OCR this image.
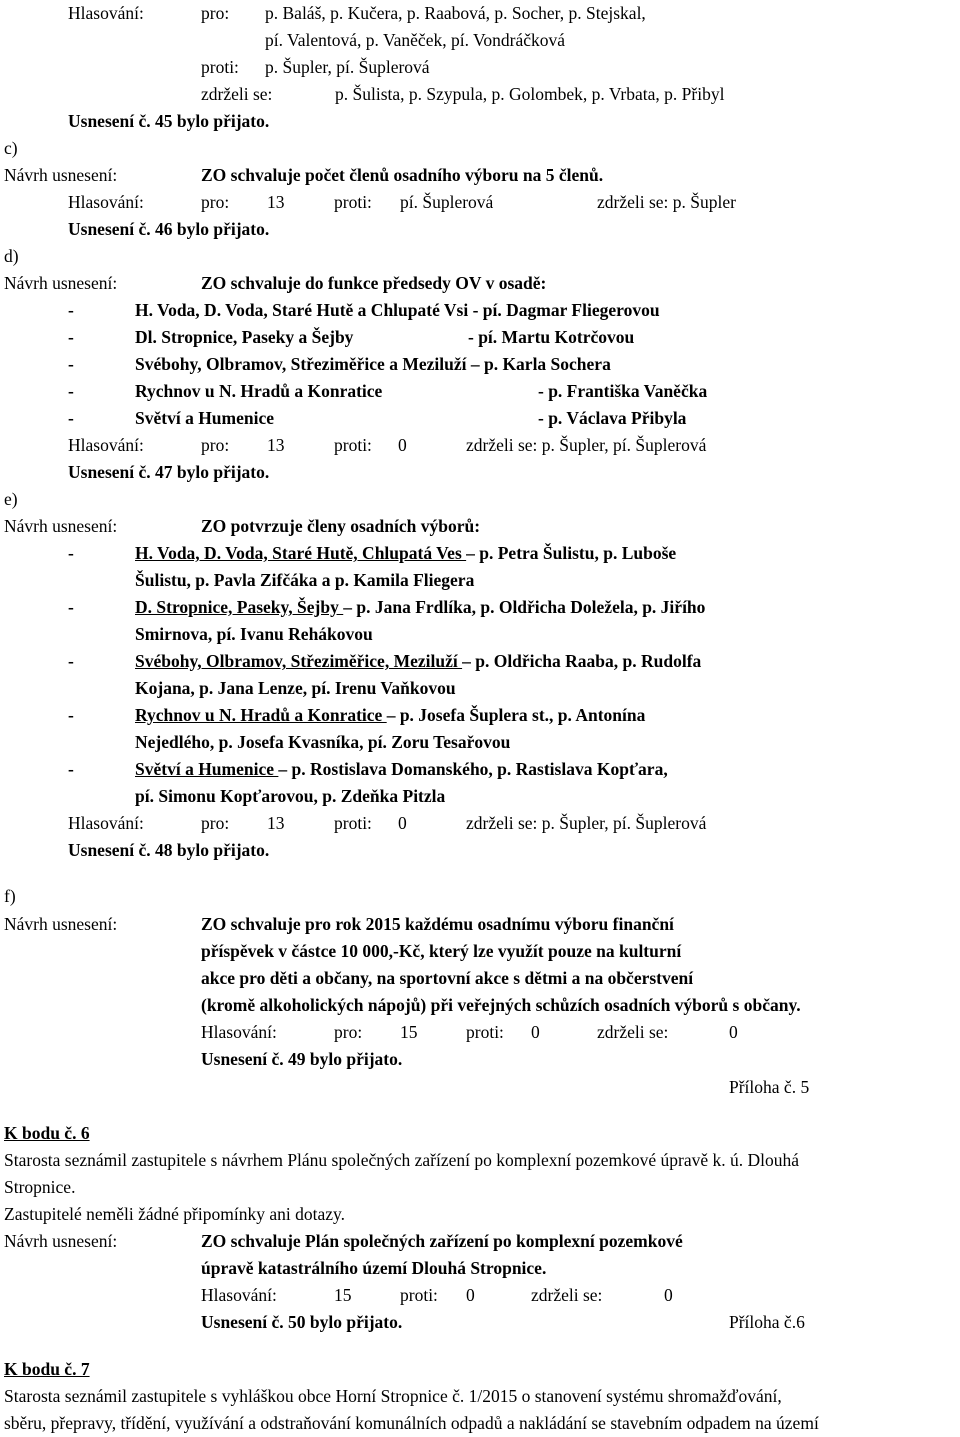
Hlasování:	pro: p. Baláš, p. Kučera, p. Raabová, p. Socher, p. Stejskal,
pí. Valentová, p. Vaněček, pí. Vondráčková
proti: p. Šupler, pí. Šuplerová
zdrželi se:	p. Šulista, p. Szypula, p. Golombek, p. Vrbata, p. Přibyl
Usnesení č. 45 bylo přijato.
c)
Návrh usnesení:	ZO schvaluje počet členů osadního výboru na 5 členů.
Hlasování:	pro: 13	proti: pí. Šuplerová	zdrželi se: p. Šupler
Usnesení č. 46 bylo přijato.
d)
Návrh usnesení:	ZO schvaluje do funkce předsedy OV v osadě:
-	H. Voda, D. Voda, Staré Hutě a Chlupaté Vsi - pí. Dagmar Fliegerovou
-	Dl. Stropnice, Paseky a Šejby	- pí. Martu Kotrčovou
-	Svébohy, Olbramov, Střeziměřice a Meziluží – p. Karla Sochera
-	Rychnov u N. Hradů a Konratice	- p. Františka Vaněčka
-	Světví a Humenice	- p. Václava Přibyla
Hlasování:	pro: 13	proti: 0	zdrželi se: p. Šupler, pí. Šuplerová
Usnesení č. 47 bylo přijato.
e)
Návrh usnesení:	ZO potvrzuje členy osadních výborů:
-	H. Voda, D. Voda, Staré Hutě, Chlupatá Ves – p. Petra Šulistu, p. Luboše
Šulistu, p. Pavla Zifčáka a p. Kamila Fliegera
-	D. Stropnice, Paseky, Šejby – p. Jana Frdlíka, p. Oldřicha Doležela, p. Jiřího
Smirnova, pí. Ivanu Rehákovou
-	Svébohy, Olbramov, Střeziměřice, Meziluží – p. Oldřicha Raaba, p. Rudolfa
Kojana, p. Jana Lenze, pí. Irenu Vaňkovou
-	Rychnov u N. Hradů a Konratice – p. Josefa Šuplera st., p. Antonína
Nejedlého, p. Josefa Kvasníka, pí. Zoru Tesařovou
-	Světví a Humenice – p. Rostislava Domanského, p. Rastislava Kopťara,
pí. Simonu Kopťarovou, p. Zdeňka Pitzla
Hlasování:	pro: 13	proti: 0	zdrželi se: p. Šupler, pí. Šuplerová
Usnesení č. 48 bylo přijato.
f)
Návrh usnesení:	ZO schvaluje pro rok 2015 každému osadnímu výboru finanční
příspěvek v částce 10 000,-Kč, který lze využít pouze na kulturní
akce pro děti a občany, na sportovní akce s dětmi a na občerstvení
(kromě alkoholických nápojů) při veřejných schůzích osadních výborů s občany.
Hlasování:	pro: 15	proti: 0	zdrželi se:	0
Usnesení č. 49 bylo přijato.
Příloha č. 5
K bodu č. 6
Starosta seznámil zastupitele s návrhem Plánu společných zařízení po komplexní pozemkové úpravě k. ú. Dlouhá
Stropnice.
Zastupitelé neměli žádné připomínky ani dotazy.
Návrh usnesení:	ZO schvaluje Plán společných zařízení po komplexní pozemkové
úpravě katastrálního území Dlouhá Stropnice.
Hlasování:	15	proti: 0	zdrželi se:	0
Usnesení č. 50 bylo přijato.	Příloha č.6
K bodu č. 7
Starosta seznámil zastupitele s vyhláškou obce Horní Stropnice č. 1/2015 o stanovení systému shromažďování,
sběru, přepravy, třídění, využívání a odstraňování komunálních odpadů a nakládání se stavebním odpadem na území
